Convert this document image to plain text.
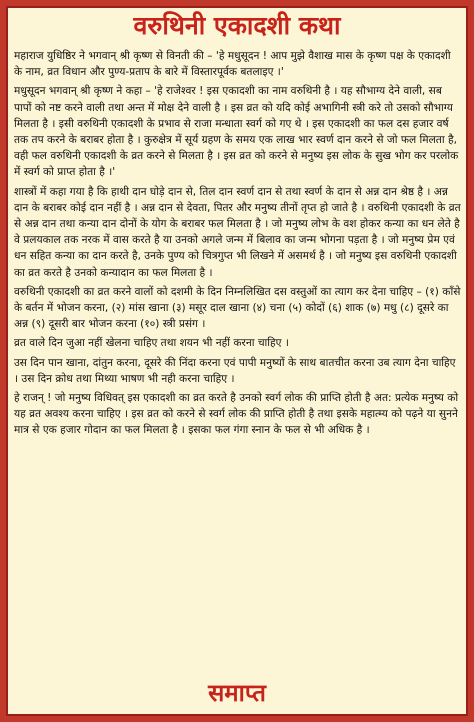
वरुथिनी एकादशी कथा

महाराज युधिष्ठिर ने भगवान् श्री कृष्ण से विनती की – 'हे मधुसूदन ! आप मुझे वैशाख मास के कृष्ण पक्ष के एकादशी के नाम, व्रत विधान और पुण्य-प्रताप के बारे में विस्तारपूर्वक बतलाइए ।'

मधुसूदन भगवान् श्री कृष्ण ने कहा – 'हे राजेश्वर ! इस एकादशी का नाम वरुथिनी है । यह सौभाग्य देने वाली, सब पापों को नष्ट करने वाली तथा अन्त में मोक्ष देने वाली है । इस व्रत को यदि कोई अभागिनी स्त्री करे तो उसको सौभाग्य मिलता है । इसी वरुथिनी एकादशी के प्रभाव से राजा मन्धाता स्वर्ग को गए थे । इस एकादशी का फल दस हजार वर्ष तक तप करने के बराबर होता है । कुरुक्षेत्र में सूर्य ग्रहण के समय एक लाख भार स्वर्ण दान करने से जो फल मिलता है, वही फल वरुथिनी एकादशी के व्रत करने से मिलता है । इस व्रत को करने से मनुष्य इस लोक के सुख भोग कर परलोक में स्वर्ग को प्राप्त होता है ।'

शास्त्रों में कहा गया है कि हाथी दान घोड़े दान से, तिल दान स्वर्ण दान से तथा स्वर्ण के दान से अन्न दान श्रेष्ठ है । अन्न दान के बराबर कोई दान नहीं है । अन्न दान से देवता, पितर और मनुष्य तीनों तृप्त हो जाते है । वरुथिनी एकादशी के व्रत से अन्न दान तथा कन्या दान दोनों के योग के बराबर फल मिलता है । जो मनुष्य लोभ के वश होकर कन्या का धन लेते है वे प्रलयकाल तक नरक में वास करते है या उनको अगले जन्म में बिलाव का जन्म भोगना पड़ता है । जो मनुष्य प्रेम एवं धन सहित कन्या का दान करते है, उनके पुण्य को चित्रगुप्त भी लिखने में असमर्थ है । जो मनुष्य इस वरुथिनी एकादशी का व्रत करते है उनको कन्यादान का फल मिलता है ।

वरुथिनी एकादशी का व्रत करने वालों को दशमी के दिन निम्नलिखित दस वस्तुओं का त्याग कर देना चाहिए – (१) काँसे के बर्तन में भोजन करना, (२) मांस खाना (३) मसूर दाल खाना (४) चना (५) कोदों (६) शाक (७) मधु (८) दूसरे का अन्न (९) दूसरी बार भोजन करना (१०) स्त्री प्रसंग ।

व्रत वाले दिन जुआ नहीं खेलना चाहिए तथा शयन भी नहीं करना चाहिए ।

उस दिन पान खाना, दांतुन करना, दूसरे की निंदा करना एवं पापी मनुष्यों के साथ बातचीत करना उब त्याग देना चाहिए । उस दिन क्रोध तथा मिथ्या भाषण भी नही करना चाहिए ।

हे राजन् ! जो मनुष्य विधिवत् इस एकादशी का व्रत करते है उनको स्वर्ग लोक की प्राप्ति होती है अत: प्रत्येक मनुष्य को यह व्रत अवश्य करना चाहिए । इस व्रत को करने से स्वर्ग लोक की प्राप्ति होती है तथा इसके महात्म्य को पढ़ने या सुनने मात्र से एक हजार गोदान का फल मिलता है । इसका फल गंगा स्नान के फल से भी अधिक है ।

समाप्त
